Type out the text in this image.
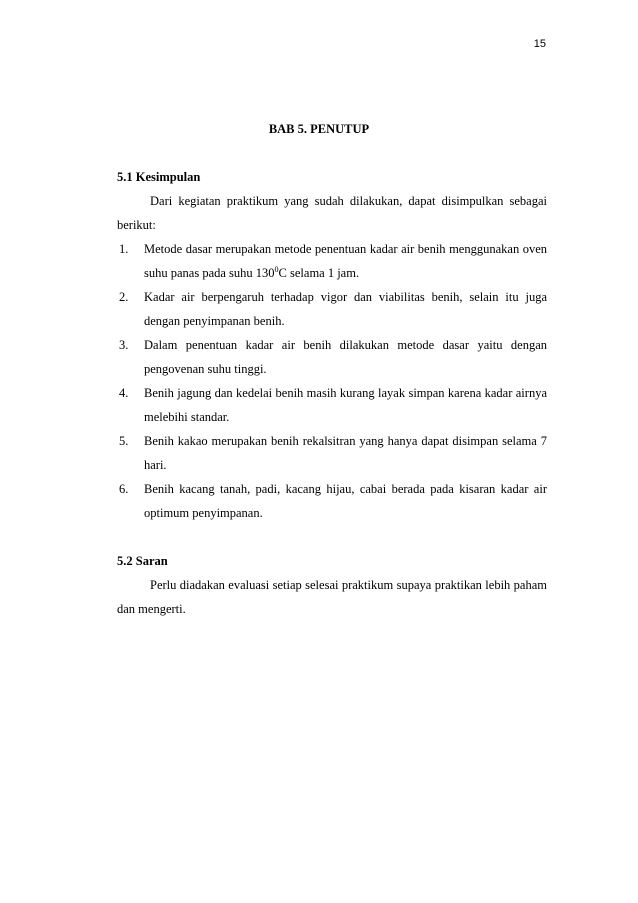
15
BAB 5. PENUTUP

5.1 Kesimpulan

Dari kegiatan praktikum yang sudah dilakukan, dapat disimpulkan sebagai berikut:

1. Metode dasar merupakan metode penentuan kadar air benih menggunakan oven suhu panas pada suhu $130^0C$ selama 1 jam.
2. Kadar air berpengaruh terhadap vigor dan viabilitas benih, selain itu juga dengan penyimpanan benih.
3. Dalam penentuan kadar air benih dilakukan metode dasar yaitu dengan pengovenan suhu tinggi.
4. Benih jagung dan kedelai benih masih kurang layak simpan karena kadar airnya melebihi standar.
5. Benih kakao merupakan benih rekalsitran yang hanya dapat disimpan selama 7 hari.
6. Benih kacang tanah, padi, kacang hijau, cabai berada pada kisaran kadar air optimum penyimpanan.

5.2 Saran

Perlu diadakan evaluasi setiap selesai praktikum supaya praktikan lebih paham dan mengerti.
